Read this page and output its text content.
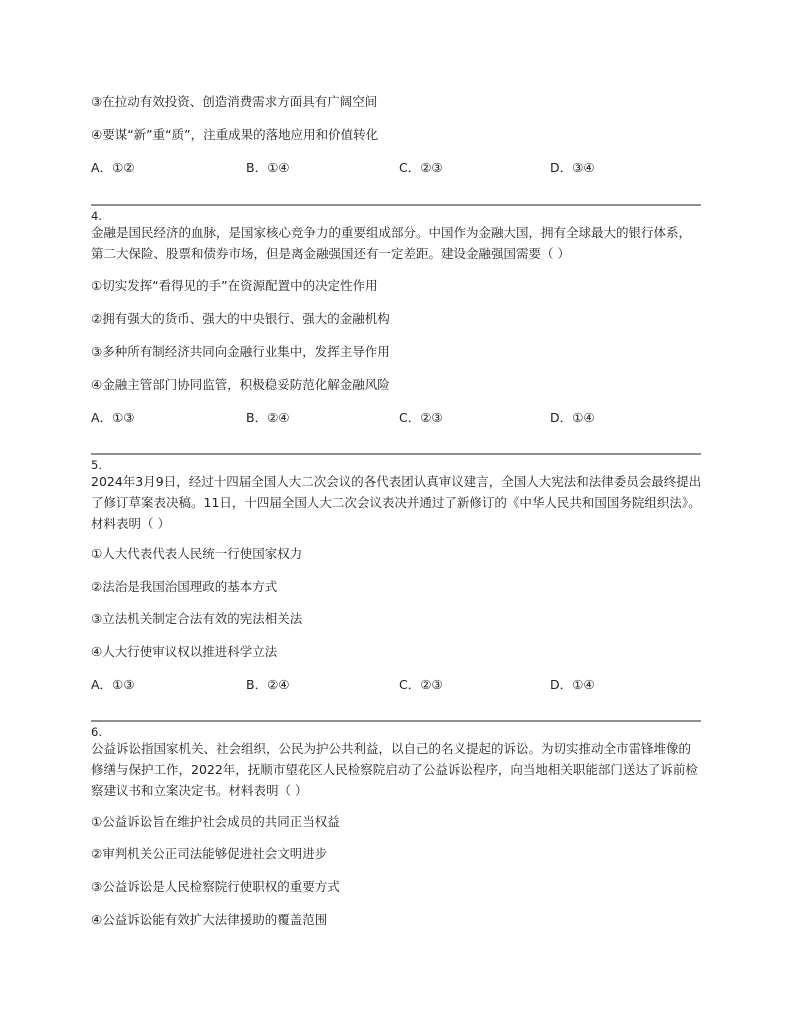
③在拉动有效投资、创造消费需求方面具有广阔空间
④要谋“新”重“质”，注重成果的落地应用和价值转化
A．①②	B．①④	C．②③	D．③④
4.
金融是国民经济的血脉，是国家核心竞争力的重要组成部分。中国作为金融大国，拥有全球最大的银行体系，第二大保险、股票和债券市场，但是离金融强国还有一定差距。建设金融强国需要（ ）
①切实发挥“看得见的手”在资源配置中的决定性作用
②拥有强大的货币、强大的中央银行、强大的金融机构
③多种所有制经济共同向金融行业集中，发挥主导作用
④金融主管部门协同监管，积极稳妥防范化解金融风险
A．①③	B．②④	C．②③	D．①④
5.
2024年3月9日，经过十四届全国人大二次会议的各代表团认真审议建言，全国人大宪法和法律委员会最终提出了修订草案表决稿。11日，十四届全国人大二次会议表决并通过了新修订的《中华人民共和国国务院组织法》。材料表明（ ）
①人大代表代表人民统一行使国家权力
②法治是我国治国理政的基本方式
③立法机关制定合法有效的宪法相关法
④人大行使审议权以推进科学立法
A．①③	B．②④	C．②③	D．①④
6.
公益诉讼指国家机关、社会组织，公民为护公共利益，以自己的名义提起的诉讼。为切实推动全市雷锋堆像的修缮与保护工作，2022年，抚顺市望花区人民检察院启动了公益诉讼程序，向当地相关职能部门送达了诉前检察建议书和立案决定书。材料表明（ ）
①公益诉讼旨在维护社会成员的共同正当权益
②审判机关公正司法能够促进社会文明进步
③公益诉讼是人民检察院行使职权的重要方式
④公益诉讼能有效扩大法律援助的覆盖范围
